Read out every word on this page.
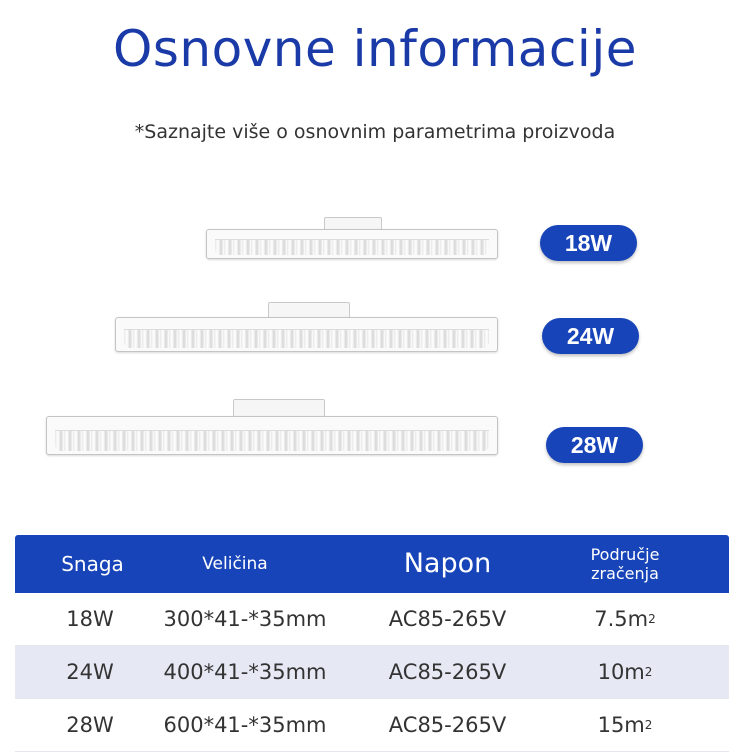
Osnovne informacije
*Saznajte više o osnovnim parametrima proizvoda
18W
24W
28W
Snaga	Veličina	Napon	Područje
zračenja
18W	300*41-*35mm	AC85-265V	7.5m 2
24W	400*41-*35mm	AC85-265V	10m 2
28W	600*41-*35mm	AC85-265V	15m 2
